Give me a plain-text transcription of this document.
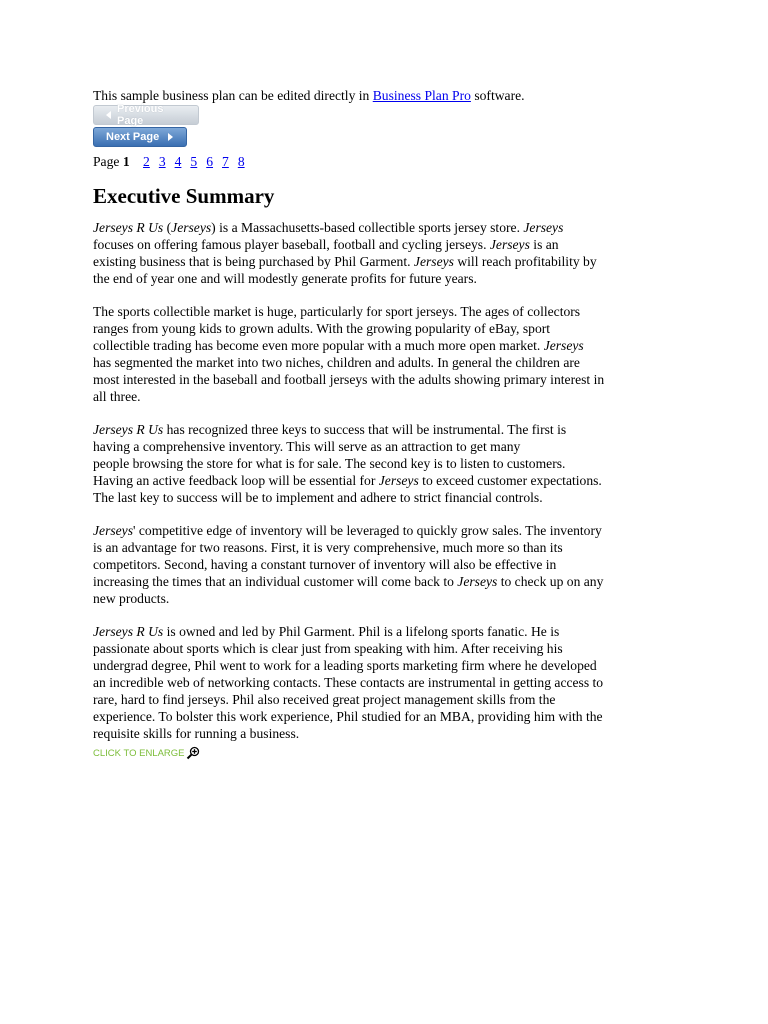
This sample business plan can be edited directly in Business Plan Pro software.
Previous Page
Next Page
Page 1 2 3 4 5 6 7 8
Executive Summary
Jerseys R Us (Jerseys) is a Massachusetts-based collectible sports jersey store. Jerseys
focuses on offering famous player baseball, football and cycling jerseys. Jerseys is an
existing business that is being purchased by Phil Garment. Jerseys will reach profitability by
the end of year one and will modestly generate profits for future years.
The sports collectible market is huge, particularly for sport jerseys. The ages of collectors
ranges from young kids to grown adults. With the growing popularity of eBay, sport
collectible trading has become even more popular with a much more open market. Jerseys
has segmented the market into two niches, children and adults. In general the children are
most interested in the baseball and football jerseys with the adults showing primary interest in
all three.
Jerseys R Us has recognized three keys to success that will be instrumental. The first is
having a comprehensive inventory. This will serve as an attraction to get many
people browsing the store for what is for sale. The second key is to listen to customers.
Having an active feedback loop will be essential for Jerseys to exceed customer expectations.
The last key to success will be to implement and adhere to strict financial controls.
Jerseys' competitive edge of inventory will be leveraged to quickly grow sales. The inventory
is an advantage for two reasons. First, it is very comprehensive, much more so than its
competitors. Second, having a constant turnover of inventory will also be effective in
increasing the times that an individual customer will come back to Jerseys to check up on any
new products.
Jerseys R Us is owned and led by Phil Garment. Phil is a lifelong sports fanatic. He is
passionate about sports which is clear just from speaking with him. After receiving his
undergrad degree, Phil went to work for a leading sports marketing firm where he developed
an incredible web of networking contacts. These contacts are instrumental in getting access to
rare, hard to find jerseys. Phil also received great project management skills from the
experience. To bolster this work experience, Phil studied for an MBA, providing him with the
requisite skills for running a business.
CLICK TO ENLARGE
